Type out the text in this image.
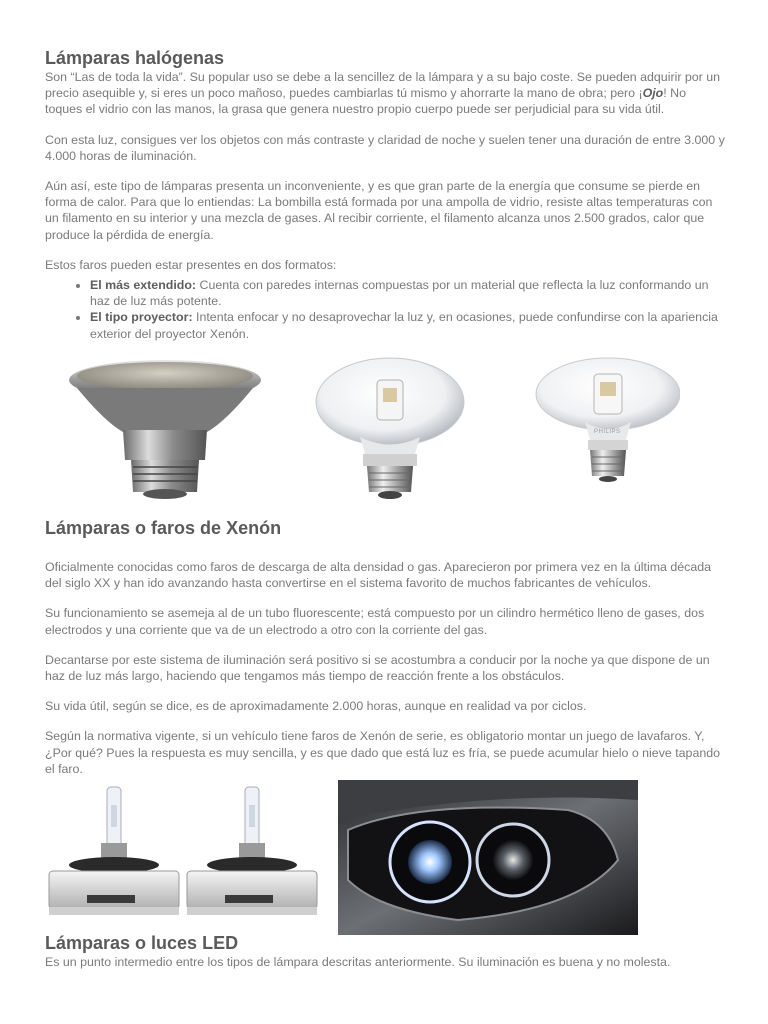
Lámparas halógenas

Son “Las de toda la vida”. Su popular uso se debe a la sencillez de la lámpara y a su bajo coste. Se pueden adquirir por un precio asequible y, si eres un poco mañoso, puedes cambiarlas tú mismo y ahorrarte la mano de obra; pero ¡Ojo! No toques el vidrio con las manos, la grasa que genera nuestro propio cuerpo puede ser perjudicial para su vida útil.

Con esta luz, consigues ver los objetos con más contraste y claridad de noche y suelen tener una duración de entre 3.000 y 4.000 horas de iluminación.

Aún así, este tipo de lámparas presenta un inconveniente, y es que gran parte de la energía que consume se pierde en forma de calor. Para que lo entiendas: La bombilla está formada por una ampolla de vidrio, resiste altas temperaturas con un filamento en su interior y una mezcla de gases. Al recibir corriente, el filamento alcanza unos 2.500 grados, calor que produce la pérdida de energía.

Estos faros pueden estar presentes en dos formatos:

• El más extendido: Cuenta con paredes internas compuestas por un material que reflecta la luz conformando un haz de luz más potente.
• El tipo proyector: Intenta enfocar y no desaprovechar la luz y, en ocasiones, puede confundirse con la apariencia exterior del proyector Xenón.
PHILIPS
Lámparas o faros de Xenón

Oficialmente conocidas como faros de descarga de alta densidad o gas. Aparecieron por primera vez en la última década del siglo XX y han ido avanzando hasta convertirse en el sistema favorito de muchos fabricantes de vehículos.

Su funcionamiento se asemeja al de un tubo fluorescente; está compuesto por un cilindro hermético lleno de gases, dos electrodos y una corriente que va de un electrodo a otro con la corriente del gas.

Decantarse por este sistema de iluminación será positivo si se acostumbra a conducir por la noche ya que dispone de un haz de luz más largo, haciendo que tengamos más tiempo de reacción frente a los obstáculos.

Su vida útil, según se dice, es de aproximadamente 2.000 horas, aunque en realidad va por ciclos.

Según la normativa vigente, si un vehículo tiene faros de Xenón de serie, es obligatorio montar un juego de lavafaros. Y, ¿Por qué? Pues la respuesta es muy sencilla, y es que dado que está luz es fría, se puede acumular hielo o nieve tapando el faro.

Lámparas o luces LED

Es un punto intermedio entre los tipos de lámpara descritas anteriormente. Su iluminación es buena y no molesta.
